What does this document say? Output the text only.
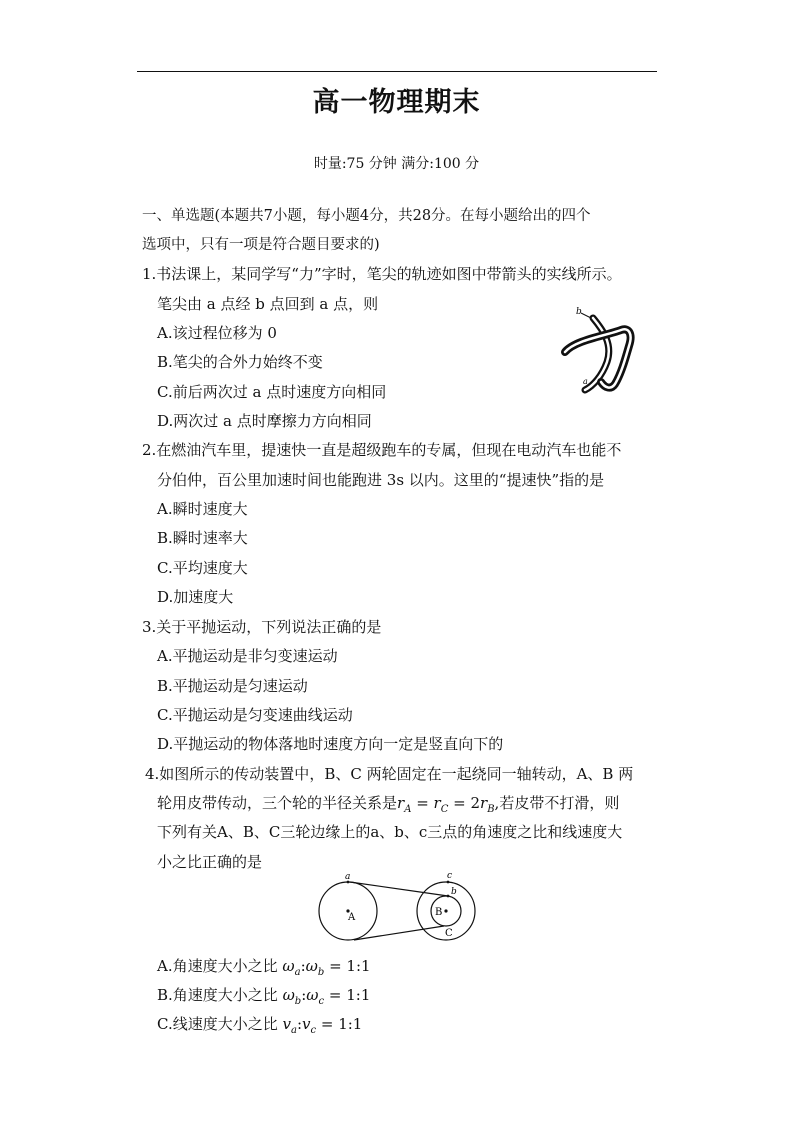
高一物理期末
时量:75 分钟 满分:100 分
一、单选题(本题共7小题，每小题4分，共28分。在每小题给出的四个
选项中，只有一项是符合题目要求的)
1.书法课上，某同学写“力”字时，笔尖的轨迹如图中带箭头的实线所示。
笔尖由 a 点经 b 点回到 a 点，则
A.该过程位移为 0
B.笔尖的合外力始终不变
C.前后两次过 a 点时速度方向相同
D.两次过 a 点时摩擦力方向相同
b
a
2.在燃油汽车里，提速快一直是超级跑车的专属，但现在电动汽车也能不
分伯仲，百公里加速时间也能跑进 3s 以内。这里的“提速快”指的是
A.瞬时速度大
B.瞬时速率大
C.平均速度大
D.加速度大
3.关于平抛运动，下列说法正确的是
A.平抛运动是非匀变速运动
B.平抛运动是匀速运动
C.平抛运动是匀变速曲线运动
D.平抛运动的物体落地时速度方向一定是竖直向下的
4.如图所示的传动装置中，B、C 两轮固定在一起绕同一轴转动，A、B 两
轮用皮带传动，三个轮的半径关系是$r_A = r_C = 2r_B$,若皮带不打滑，则
下列有关A、B、C三轮边缘上的a、b、c三点的角速度之比和线速度大
小之比正确的是
a	c
b
A	B
C
A.角速度大小之比 $\omega_a:\omega_b$ = 1:1
B.角速度大小之比 $\omega_b:\omega_c$ = 1:1
C.线速度大小之比 $v_a:v_c$ = 1:1
